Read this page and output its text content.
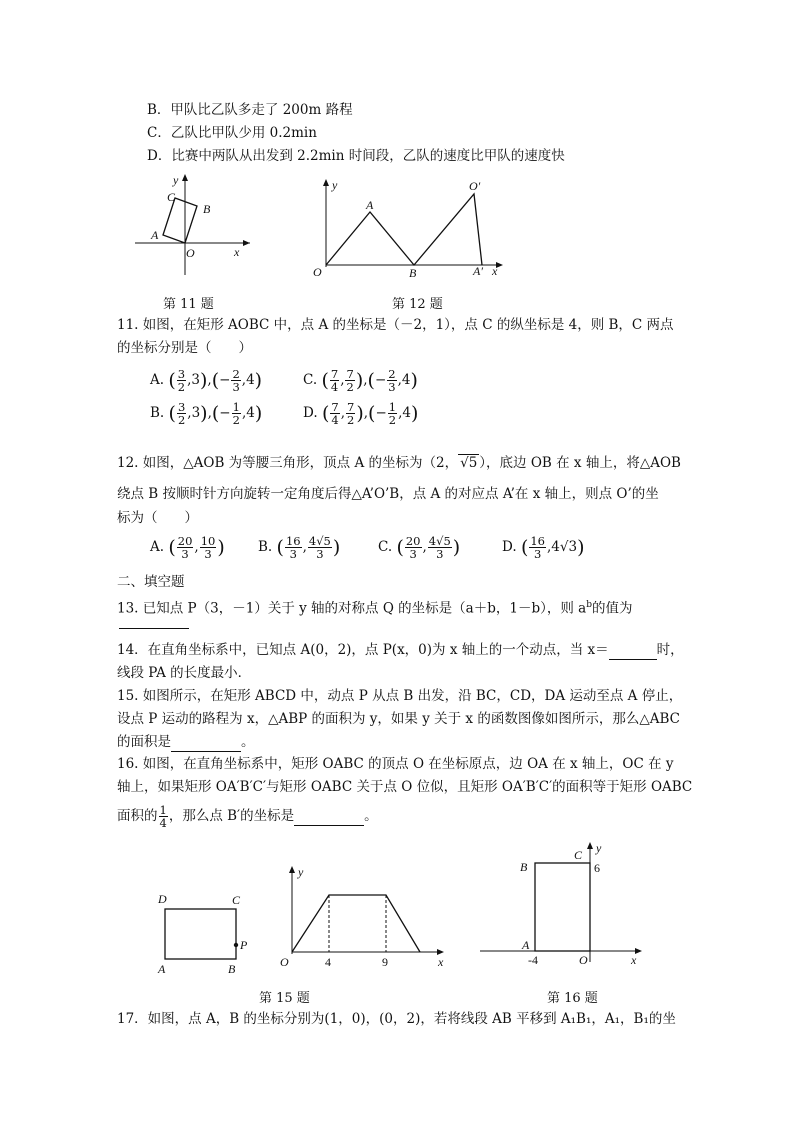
B．甲队比乙队多走了 200m 路程
C．乙队比甲队少用 0.2min
D．比赛中两队从出发到 2.2min 时间段，乙队的速度比甲队的速度快
y
x
O
A
B
C
第 11 题
y
x
O
A
B
O′
A′
第 12 题
11. 如图，在矩形 AOBC 中，点 A 的坐标是（－2，1），点 C 的纵坐标是 4，则 B，C 两点
的坐标分别是（　　）
A. ( $\frac{3}{2} ,3),(- \frac{2}{3} ,4)$	C. ( $\frac{7}{4}$ , $\frac{7}{2}$ ),(− $\frac{2}{3} ,4$)
B. ( $\frac{3}{2} ,3),(- \frac{1}{2} ,4)$	D. ( $\frac{7}{4}$ , $\frac{7}{2}$ ),(− $\frac{1}{2} ,4$)
12. 如图，△AOB 为等腰三角形，顶点 A 的坐标为（2， √5 ），底边 OB 在 x 轴上，将△AOB
绕点 B 按顺时针方向旋转一定角度后得△A’O’B，点 A 的对应点 A’在 x 轴上，则点 O’的坐
标为（　　）
A. ( $\frac{20}{3}$ , $\frac{10}{3}$ ) B. ( $\frac{16}{3}$ , $\frac{4√5}{3}$ )	C. ( $\frac{20}{3}$ , $\frac{4√5}{3}$ )	D. ( $\frac{16}{3} ,4√3$)
二、填空题
13. 已知点 P（3，－1）关于 y 轴的对称点 Q 的坐标是（a＋b，1－b），则 $a^b$的值为
14．在直角坐标系中，已知点 A(0，2)，点 P(x，0)为 x 轴上的一个动点，当 x＝	时，
线段 PA 的长度最小．
15. 如图所示，在矩形 ABCD 中，动点 P 从点 B 出发，沿 BC，CD，DA 运动至点 A 停止，
设点 P 运动的路程为 x，△ABP 的面积为 y，如果 y 关于 x 的函数图像如图所示，那么△ABC
的面积是	。
16. 如图，在直角坐标系中，矩形 OABC 的顶点 O 在坐标原点，边 OA 在 x 轴上，OC 在 y
轴上，如果矩形 OA′B′C′与矩形 OABC 关于点 O 位似，且矩形 OA′B′C′的面积等于矩形 OABC
面积的 $\frac{1}{4}$ ，那么点 B′的坐标是	。
D	C
A	B
P
y
x
O	4	9
第 15 题
y
x
O
A
B
C
-4
6
第 16 题
17．如图，点 A，B 的坐标分别为(1，0)，(0，2)，若将线段 AB 平移到 A₁B₁，A₁，B₁的坐
